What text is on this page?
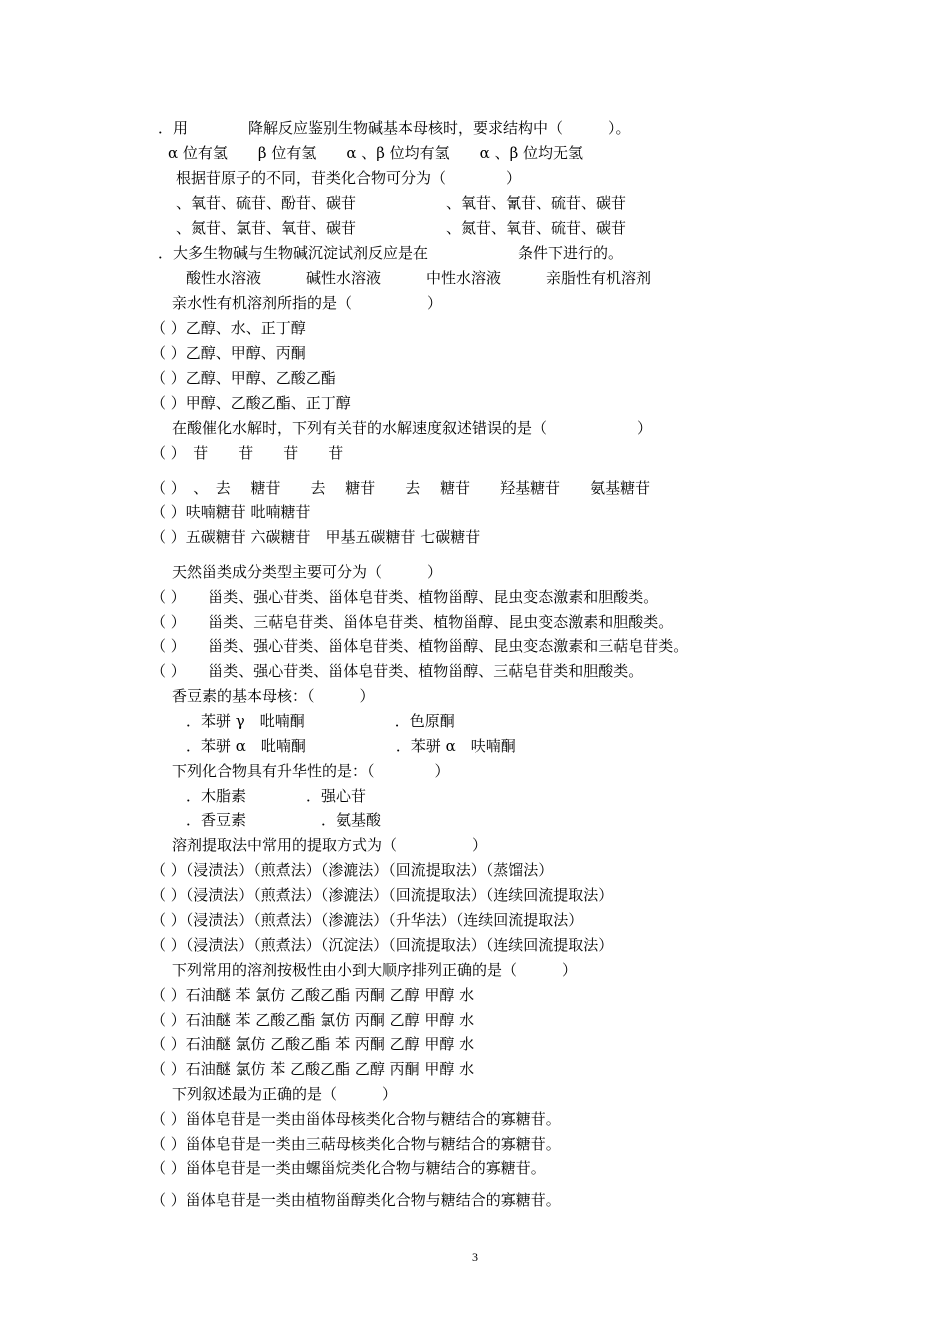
．用　　　　降解反应鉴别生物碱基本母核时，要求结构中（　　　）。
α 位有氢　　β 位有氢　　α 、β 位均有氢　　α 、β 位均无氢
根据苷原子的不同，苷类化合物可分为（　　　　）
、氧苷、硫苷、酚苷、碳苷　　　　　　、氧苷、氰苷、硫苷、碳苷
、氮苷、氯苷、氧苷、碳苷　　　　　　、氮苷、氧苷、硫苷、碳苷
．大多生物碱与生物碱沉淀试剂反应是在　　　　　　条件下进行的。
酸性水溶液　　　碱性水溶液　　　中性水溶液　　　亲脂性有机溶剂
亲水性有机溶剂所指的是（　　　　　）
（ ）乙醇、水、正丁醇
（ ）乙醇、甲醇、丙酮
（ ）乙醇、甲醇、乙酸乙酯
（ ）甲醇、乙酸乙酯、正丁醇
在酸催化水解时，下列有关苷的水解速度叙述错误的是（　　　　　　）
（ ）　苷　　苷　　苷　　苷
（ ）　、　去　 糖苷　　去　 糖苷　　去　 糖苷　　羟基糖苷　　氨基糖苷
（ ）呋喃糖苷 吡喃糖苷
（ ）五碳糖苷 六碳糖苷　甲基五碳糖苷 七碳糖苷
天然甾类成分类型主要可分为（　　　）
（ ）　　甾类、强心苷类、甾体皂苷类、植物甾醇、昆虫变态激素和胆酸类。
（ ）　　甾类、三萜皂苷类、甾体皂苷类、植物甾醇、昆虫变态激素和胆酸类。
（ ）　　甾类、强心苷类、甾体皂苷类、植物甾醇、昆虫变态激素和三萜皂苷类。
（ ）　　甾类、强心苷类、甾体皂苷类、植物甾醇、三萜皂苷类和胆酸类。
香豆素的基本母核：（　　　）
．苯骈 γ　吡喃酮　　　　　　．色原酮
．苯骈 α　吡喃酮　　　　　　．苯骈 α　呋喃酮
下列化合物具有升华性的是：（　　　　）
．木脂素　　　　．强心苷
．香豆素　　　　　．氨基酸
溶剂提取法中常用的提取方式为（　　　　　）
（ ）（浸渍法）（煎煮法）（渗漉法）（回流提取法）（蒸馏法）
（ ）（浸渍法）（煎煮法）（渗漉法）（回流提取法）（连续回流提取法）
（ ）（浸渍法）（煎煮法）（渗漉法）（升华法）（连续回流提取法）
（ ）（浸渍法）（煎煮法）（沉淀法）（回流提取法）（连续回流提取法）
下列常用的溶剂按极性由小到大顺序排列正确的是（　　　）
（ ）石油醚 苯 氯仿 乙酸乙酯 丙酮 乙醇 甲醇 水
（ ）石油醚 苯 乙酸乙酯 氯仿 丙酮 乙醇 甲醇 水
（ ）石油醚 氯仿 乙酸乙酯 苯 丙酮 乙醇 甲醇 水
（ ）石油醚 氯仿 苯 乙酸乙酯 乙醇 丙酮 甲醇 水
下列叙述最为正确的是（　　　）
（ ）甾体皂苷是一类由甾体母核类化合物与糖结合的寡糖苷。
（ ）甾体皂苷是一类由三萜母核类化合物与糖结合的寡糖苷。
（ ）甾体皂苷是一类由螺甾烷类化合物与糖结合的寡糖苷。
（ ）甾体皂苷是一类由植物甾醇类化合物与糖结合的寡糖苷。
3
